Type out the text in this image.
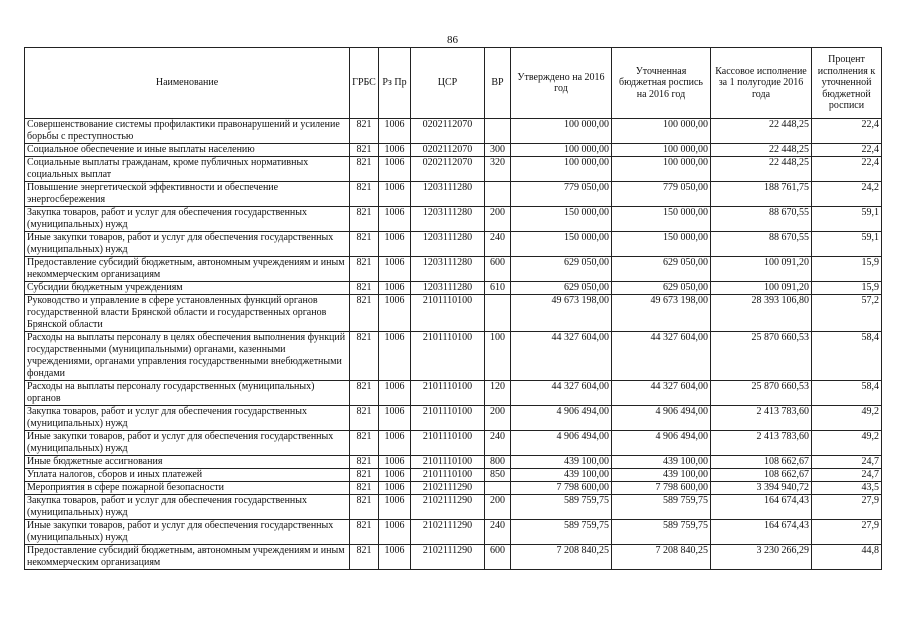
86
Наименование	ГРБС	Рз Пр	ЦСР	ВР	Утверждено на 2016 год	Уточненная бюджетная роспись на 2016 год	Кассовое исполнение за 1 полугодие 2016 года	Процент исполнения к уточненной бюджетной росписи
Совершенствование системы профилактики правонарушений и усиление борьбы с преступностью	821	1006	0202112070		100 000,00	100 000,00	22 448,25	22,4
Социальное обеспечение и иные выплаты населению	821	1006	0202112070	300	100 000,00	100 000,00	22 448,25	22,4
Социальные выплаты гражданам, кроме публичных нормативных социальных выплат	821	1006	0202112070	320	100 000,00	100 000,00	22 448,25	22,4
Повышение энергетической эффективности и обеспечение энергосбережения	821	1006	1203111280		779 050,00	779 050,00	188 761,75	24,2
Закупка товаров, работ и услуг для обеспечения государственных (муниципальных) нужд	821	1006	1203111280	200	150 000,00	150 000,00	88 670,55	59,1
Иные закупки товаров, работ и услуг для обеспечения государственных (муниципальных) нужд	821	1006	1203111280	240	150 000,00	150 000,00	88 670,55	59,1
Предоставление субсидий бюджетным, автономным учреждениям и иным некоммерческим организациям	821	1006	1203111280	600	629 050,00	629 050,00	100 091,20	15,9
Субсидии бюджетным учреждениям	821	1006	1203111280	610	629 050,00	629 050,00	100 091,20	15,9
Руководство и управление в сфере установленных функций органов государственной власти Брянской области и государственных органов Брянской области	821	1006	2101110100		49 673 198,00	49 673 198,00	28 393 106,80	57,2
Расходы на выплаты персоналу в целях обеспечения выполнения функций государственными (муниципальными) органами, казенными учреждениями, органами управления государственными внебюджетными фондами	821	1006	2101110100	100	44 327 604,00	44 327 604,00	25 870 660,53	58,4
Расходы на выплаты персоналу государственных (муниципальных) органов	821	1006	2101110100	120	44 327 604,00	44 327 604,00	25 870 660,53	58,4
Закупка товаров, работ и услуг для обеспечения государственных (муниципальных) нужд	821	1006	2101110100	200	4 906 494,00	4 906 494,00	2 413 783,60	49,2
Иные закупки товаров, работ и услуг для обеспечения государственных (муниципальных) нужд	821	1006	2101110100	240	4 906 494,00	4 906 494,00	2 413 783,60	49,2
Иные бюджетные ассигнования	821	1006	2101110100	800	439 100,00	439 100,00	108 662,67	24,7
Уплата налогов, сборов и иных платежей	821	1006	2101110100	850	439 100,00	439 100,00	108 662,67	24,7
Мероприятия в сфере пожарной безопасности	821	1006	2102111290		7 798 600,00	7 798 600,00	3 394 940,72	43,5
Закупка товаров, работ и услуг для обеспечения государственных (муниципальных) нужд	821	1006	2102111290	200	589 759,75	589 759,75	164 674,43	27,9
Иные закупки товаров, работ и услуг для обеспечения государственных (муниципальных) нужд	821	1006	2102111290	240	589 759,75	589 759,75	164 674,43	27,9
Предоставление субсидий бюджетным, автономным учреждениям и иным некоммерческим организациям	821	1006	2102111290	600	7 208 840,25	7 208 840,25	3 230 266,29	44,8
